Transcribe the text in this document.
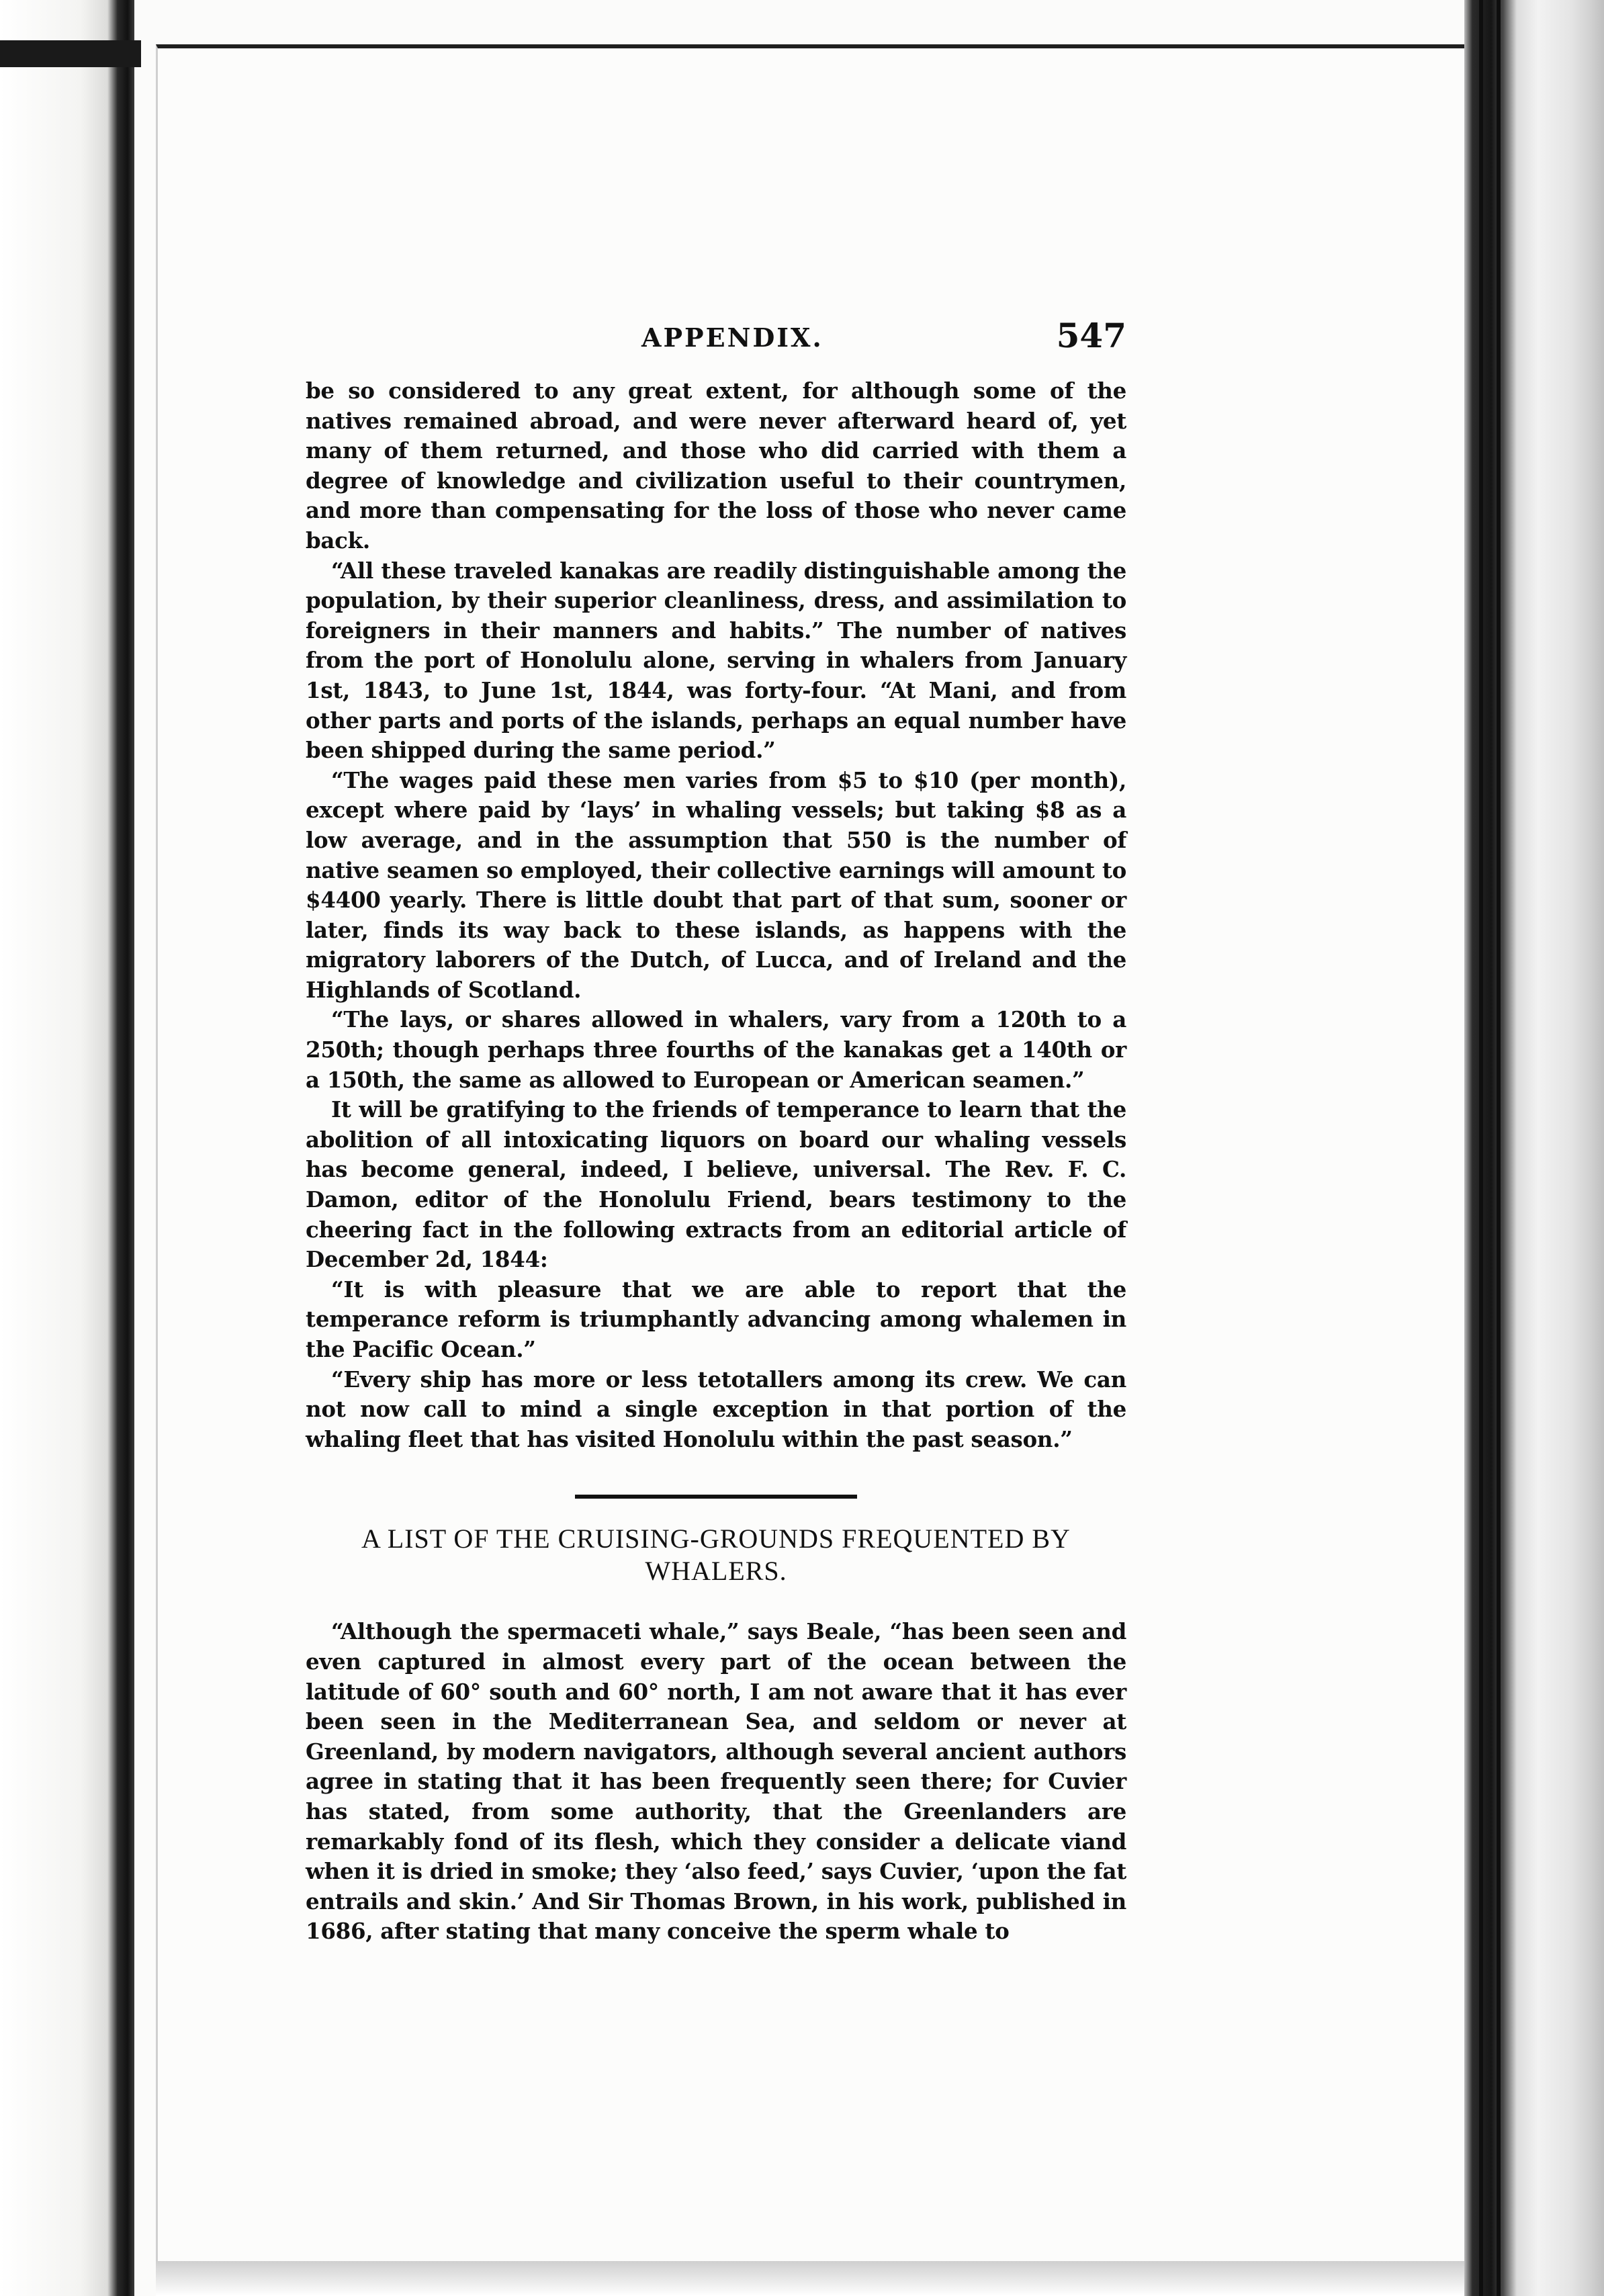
APPENDIX.	547

be so considered to any great extent, for although some of the natives remained abroad, and were never afterward heard of, yet many of them returned, and those who did carried with them a degree of knowledge and civilization useful to their countrymen, and more than compensating for the loss of those who never came back.

“All these traveled kanakas are readily distinguishable among the population, by their superior cleanliness, dress, and assimilation to foreigners in their manners and habits.” The number of natives from the port of Honolulu alone, serving in whalers from January 1st, 1843, to June 1st, 1844, was forty-four. “At Mani, and from other parts and ports of the islands, perhaps an equal number have been shipped during the same period.”

“The wages paid these men varies from $5 to $10 (per month), except where paid by ‘lays’ in whaling vessels; but taking $8 as a low average, and in the assumption that 550 is the number of native seamen so employed, their collective earnings will amount to $4400 yearly. There is little doubt that part of that sum, sooner or later, finds its way back to these islands, as happens with the migratory laborers of the Dutch, of Lucca, and of Ireland and the Highlands of Scotland.

“The lays, or shares allowed in whalers, vary from a 120th to a 250th; though perhaps three fourths of the kanakas get a 140th or a 150th, the same as allowed to European or American seamen.”

It will be gratifying to the friends of temperance to learn that the abolition of all intoxicating liquors on board our whaling vessels has become general, indeed, I believe, universal. The Rev. F. C. Damon, editor of the Honolulu Friend, bears testimony to the cheering fact in the following extracts from an editorial article of December 2d, 1844:

“It is with pleasure that we are able to report that the temperance reform is triumphantly advancing among whalemen in the Pacific Ocean.”

“Every ship has more or less tetotallers among its crew. We can not now call to mind a single exception in that portion of the whaling fleet that has visited Honolulu within the past season.”

A LIST OF THE CRUISING-GROUNDS FREQUENTED BY
WHALERS.

“Although the spermaceti whale,” says Beale, “has been seen and even captured in almost every part of the ocean between the latitude of 60° south and 60° north, I am not aware that it has ever been seen in the Mediterranean Sea, and seldom or never at Greenland, by modern navigators, although several ancient authors agree in stating that it has been frequently seen there; for Cuvier has stated, from some authority, that the Greenlanders are remarkably fond of its flesh, which they consider a delicate viand when it is dried in smoke; they ‘also feed,’ says Cuvier, ‘upon the fat entrails and skin.’ And Sir Thomas Brown, in his work, published in 1686, after stating that many conceive the sperm whale to
